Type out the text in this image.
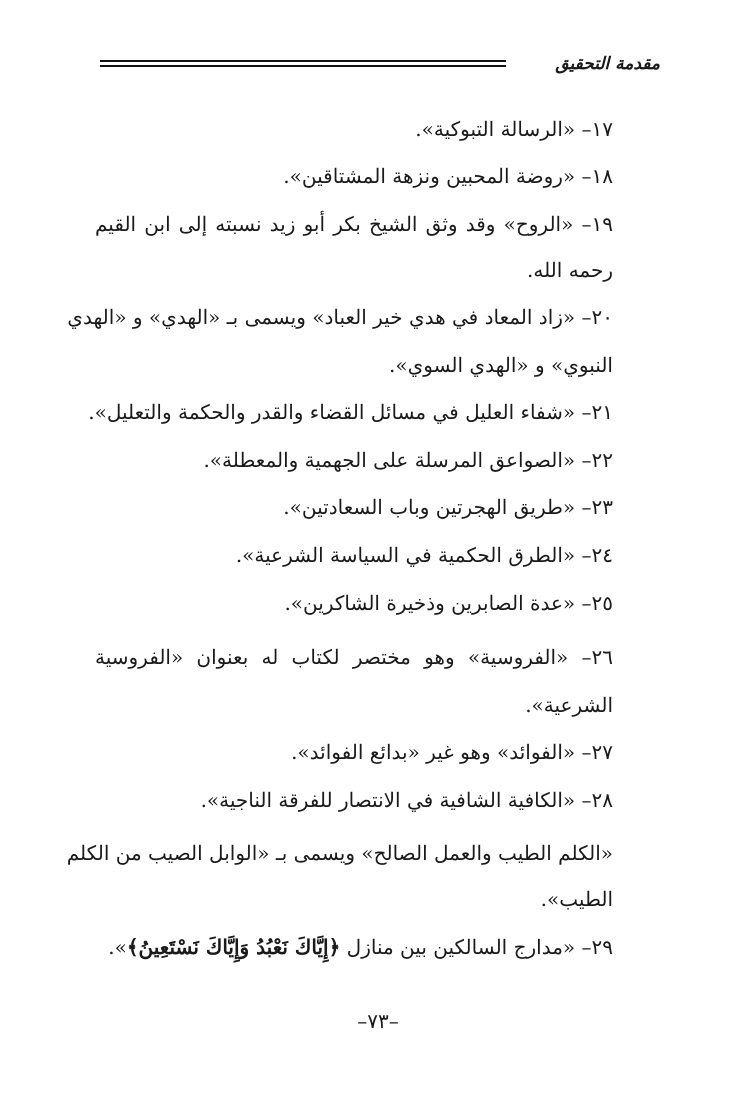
مقدمة التحقيق
١٧– «الرسالة التبوكية».
١٨– «روضة المحبين ونزهة المشتاقين».
١٩– «الروح» وقد وثق الشيخ بكر أبو زيد نسبته إلى ابن القيم
رحمه الله.
٢٠– «زاد المعاد في هدي خير العباد» ويسمى بـ «الهدي» و «الهدي
النبوي» و «الهدي السوي».
٢١– «شفاء العليل في مسائل القضاء والقدر والحكمة والتعليل».
٢٢– «الصواعق المرسلة على الجهمية والمعطلة».
٢٣– «طريق الهجرتين وباب السعادتين».
٢٤– «الطرق الحكمية في السياسة الشرعية».
٢٥– «عدة الصابرين وذخيرة الشاكرين».
٢٦– «الفروسية» وهو مختصر لكتاب له بعنوان «الفروسية
الشرعية».
٢٧– «الفوائد» وهو غير «بدائع الفوائد».
٢٨– «الكافية الشافية في الانتصار للفرقة الناجية».
«الكلم الطيب والعمل الصالح» ويسمى بـ «الوابل الصيب من الكلم
الطيب».
٢٩– «مدارج السالكين بين منازل ﴿إِيَّاكَ نَعْبُدُ وَإِيَّاكَ نَسْتَعِينُ﴾».
–٧٣–
